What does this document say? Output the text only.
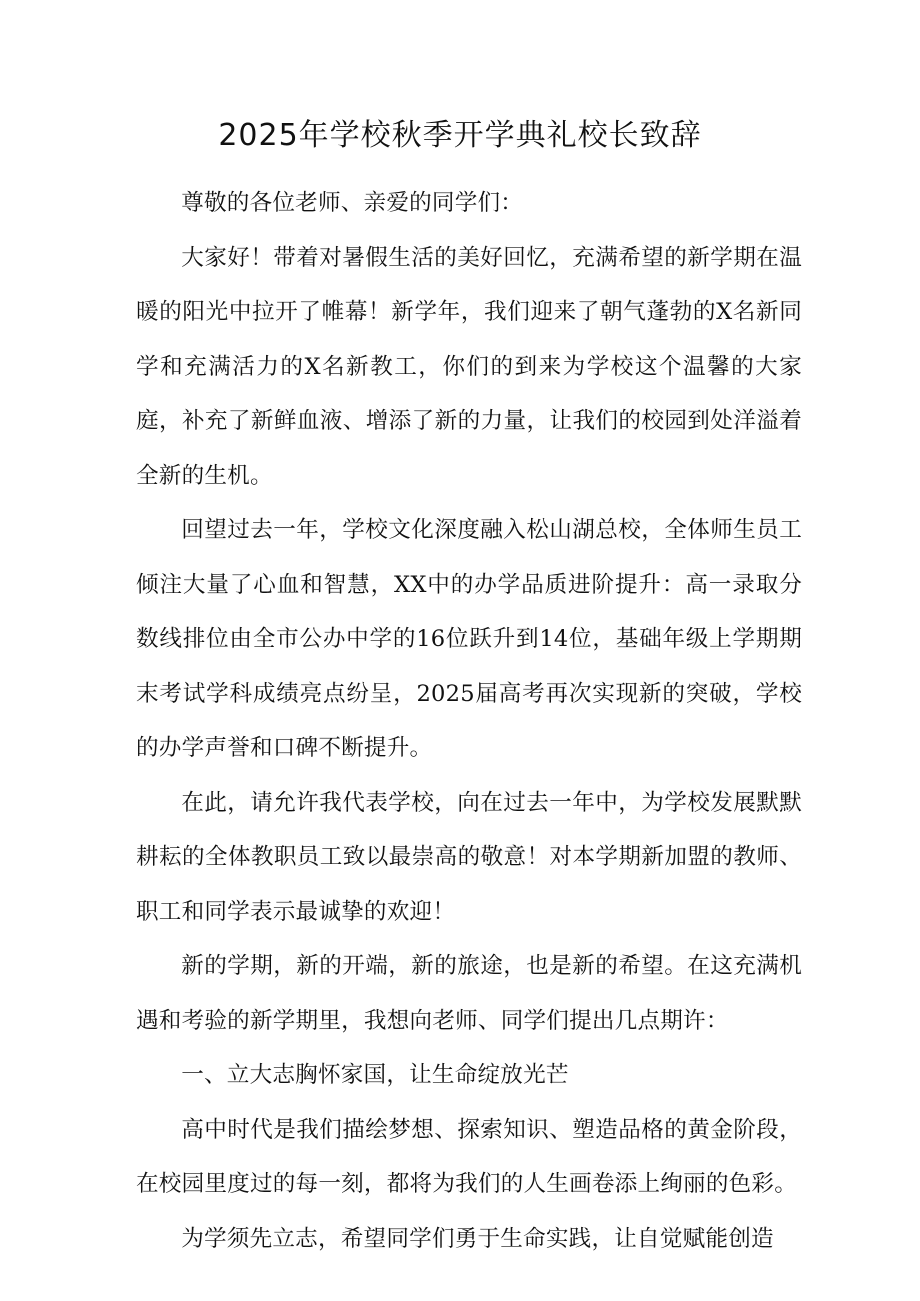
2025年学校秋季开学典礼校长致辞

尊敬的各位老师、亲爱的同学们：

大家好！带着对暑假生活的美好回忆，充满希望的新学期在温暖的阳光中拉开了帷幕！新学年，我们迎来了朝气蓬勃的X名新同学和充满活力的X名新教工，你们的到来为学校这个温馨的大家庭，补充了新鲜血液、增添了新的力量，让我们的校园到处洋溢着全新的生机。

回望过去一年，学校文化深度融入松山湖总校，全体师生员工倾注大量了心血和智慧，XX中的办学品质进阶提升：高一录取分数线排位由全市公办中学的16位跃升到14位，基础年级上学期期末考试学科成绩亮点纷呈，2025届高考再次实现新的突破，学校的办学声誉和口碑不断提升。

在此，请允许我代表学校，向在过去一年中，为学校发展默默耕耘的全体教职员工致以最崇高的敬意！对本学期新加盟的教师、职工和同学表示最诚挚的欢迎！

新的学期，新的开端，新的旅途，也是新的希望。在这充满机遇和考验的新学期里，我想向老师、同学们提出几点期许：

一、立大志胸怀家国，让生命绽放光芒

高中时代是我们描绘梦想、探索知识、塑造品格的黄金阶段，在校园里度过的每一刻，都将为我们的人生画卷添上绚丽的色彩。

为学须先立志，希望同学们勇于生命实践，让自觉赋能创造
